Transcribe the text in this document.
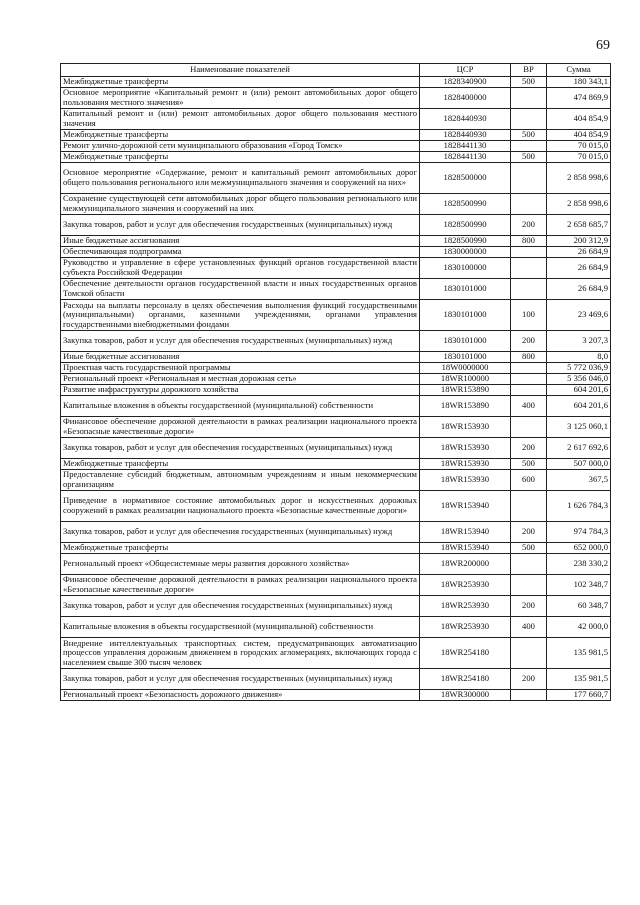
69
Наименование показателей	ЦСР	ВР	Сумма
Межбюджетные трансферты	1828340900	500	180 343,1
Основное мероприятие «Капитальный ремонт и (или) ремонт автомобильных дорог общего пользования местного значения»	1828400000		474 869,9
Капитальный ремонт и (или) ремонт автомобильных дорог общего пользования местного значения	1828440930		404 854,9
Межбюджетные трансферты	1828440930	500	404 854,9
Ремонт улично-дорожной сети муниципального образования «Город Томск»	1828441130		70 015,0
Межбюджетные трансферты	1828441130	500	70 015,0
Основное мероприятие «Содержание, ремонт и капитальный ремонт автомобильных дорог общего пользования регионального или межмуниципального значения и сооружений на них»	1828500000		2 858 998,6
Сохранение существующей сети автомобильных дорог общего пользования регионального или межмуниципального значения и сооружений на них	1828500990		2 858 998,6
Закупка товаров, работ и услуг для обеспечения государственных (муниципальных) нужд	1828500990	200	2 658 685,7
Иные бюджетные ассигнования	1828500990	800	200 312,9
Обеспечивающая подпрограмма	1830000000		26 684,9
Руководство и управление в сфере установленных функций органов государственной власти субъекта Российской Федерации	1830100000		26 684,9
Обеспечение деятельности органов государственной власти и иных государственных органов Томской области	1830101000		26 684,9
Расходы на выплаты персоналу в целях обеспечения выполнения функций государственными (муниципальными) органами, казенными учреждениями, органами управления государственными внебюджетными фондами	1830101000	100	23 469,6
Закупка товаров, работ и услуг для обеспечения государственных (муниципальных) нужд	1830101000	200	3 207,3
Иные бюджетные ассигнования	1830101000	800	8,0
Проектная часть государственной программы	18W0000000		5 772 036,9
Региональный проект «Региональная и местная дорожная сеть»	18WR100000		5 356 046,0
Развитие инфраструктуры дорожного хозяйства	18WR153890		604 201,6
Капитальные вложения в объекты государственной (муниципальной) собственности	18WR153890	400	604 201,6
Финансовое обеспечение дорожной деятельности в рамках реализации национального проекта «Безопасные качественные дороги»	18WR153930		3 125 060,1
Закупка товаров, работ и услуг для обеспечения государственных (муниципальных) нужд	18WR153930	200	2 617 692,6
Межбюджетные трансферты	18WR153930	500	507 000,0
Предоставление субсидий бюджетным, автономным учреждениям и иным некоммерческим организациям	18WR153930	600	367,5
Приведение в нормативное состояние автомобильных дорог и искусственных дорожных сооружений в рамках реализации национального проекта «Безопасные качественные дороги»	18WR153940		1 626 784,3
Закупка товаров, работ и услуг для обеспечения государственных (муниципальных) нужд	18WR153940	200	974 784,3
Межбюджетные трансферты	18WR153940	500	652 000,0
Региональный проект «Общесистемные меры развития дорожного хозяйства»	18WR200000		238 330,2
Финансовое обеспечение дорожной деятельности в рамках реализации национального проекта «Безопасные качественные дороги»	18WR253930		102 348,7
Закупка товаров, работ и услуг для обеспечения государственных (муниципальных) нужд	18WR253930	200	60 348,7
Капитальные вложения в объекты государственной (муниципальной) собственности	18WR253930	400	42 000,0
Внедрение интеллектуальных транспортных систем, предусматривающих автоматизацию процессов управления дорожным движением в городских агломерациях, включающих города с населением свыше 300 тысяч человек	18WR254180		135 981,5
Закупка товаров, работ и услуг для обеспечения государственных (муниципальных) нужд	18WR254180	200	135 981,5
Региональный проект «Безопасность дорожного движения»	18WR300000		177 660,7
